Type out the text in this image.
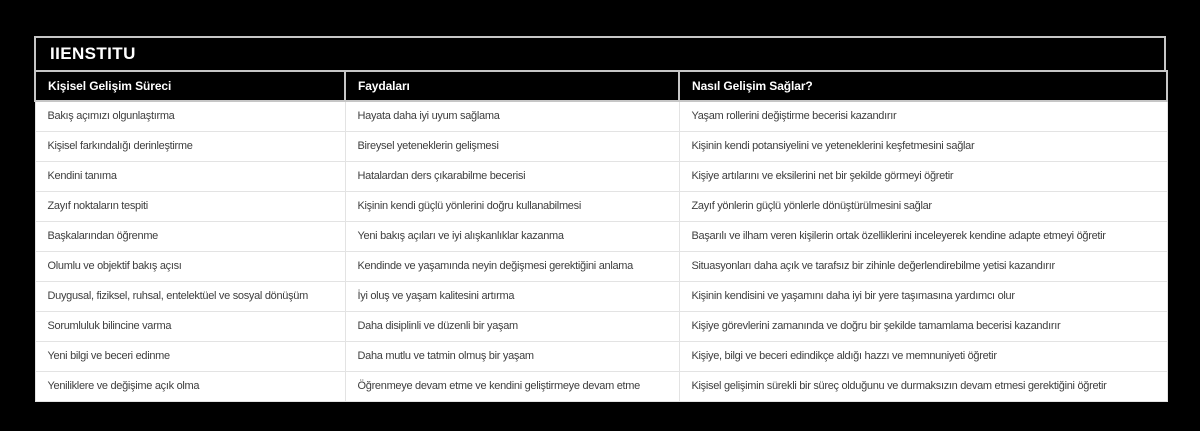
IIENSTITU
Kişisel Gelişim Süreci	Faydaları	Nasıl Gelişim Sağlar?
Bakış açımızı olgunlaştırma	Hayata daha iyi uyum sağlama	Yaşam rollerini değiştirme becerisi kazandırır
Kişisel farkındalığı derinleştirme	Bireysel yeteneklerin gelişmesi	Kişinin kendi potansiyelini ve yeteneklerini keşfetmesini sağlar
Kendini tanıma	Hatalardan ders çıkarabilme becerisi	Kişiye artılarını ve eksilerini net bir şekilde görmeyi öğretir
Zayıf noktaların tespiti	Kişinin kendi güçlü yönlerini doğru kullanabilmesi	Zayıf yönlerin güçlü yönlerle dönüştürülmesini sağlar
Başkalarından öğrenme	Yeni bakış açıları ve iyi alışkanlıklar kazanma	Başarılı ve ilham veren kişilerin ortak özelliklerini inceleyerek kendine adapte etmeyi öğretir
Olumlu ve objektif bakış açısı	Kendinde ve yaşamında neyin değişmesi gerektiğini anlama	Situasyonları daha açık ve tarafsız bir zihinle değerlendirebilme yetisi kazandırır
Duygusal, fiziksel, ruhsal, entelektüel ve sosyal dönüşüm	İyi oluş ve yaşam kalitesini artırma	Kişinin kendisini ve yaşamını daha iyi bir yere taşımasına yardımcı olur
Sorumluluk bilincine varma	Daha disiplinli ve düzenli bir yaşam	Kişiye görevlerini zamanında ve doğru bir şekilde tamamlama becerisi kazandırır
Yeni bilgi ve beceri edinme	Daha mutlu ve tatmin olmuş bir yaşam	Kişiye, bilgi ve beceri edindikçe aldığı hazzı ve memnuniyeti öğretir
Yeniliklere ve değişime açık olma	Öğrenmeye devam etme ve kendini geliştirmeye devam etme	Kişisel gelişimin sürekli bir süreç olduğunu ve durmaksızın devam etmesi gerektiğini öğretir
